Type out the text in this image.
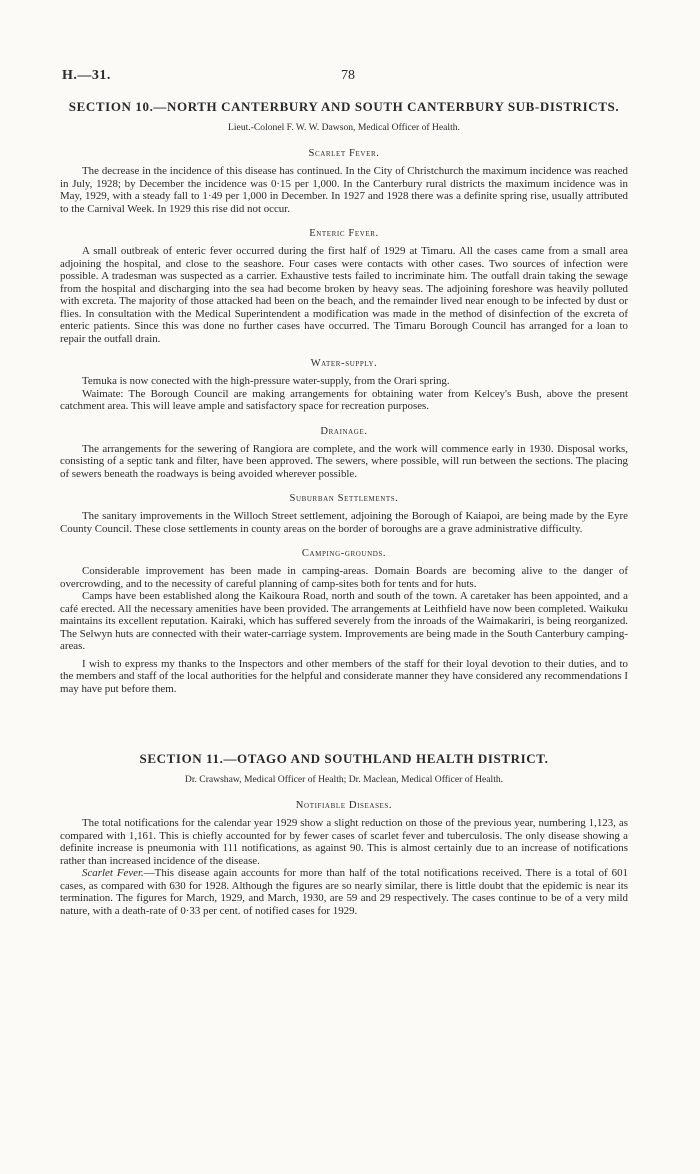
H.—31.	78
SECTION 10.—NORTH CANTERBURY AND SOUTH CANTERBURY SUB-DISTRICTS.
Lieut.-Colonel F. W. W. Dawson, Medical Officer of Health.
Scarlet Fever.

The decrease in the incidence of this disease has continued. In the City of Christchurch the maximum incidence was reached in July, 1928; by December the incidence was 0·15 per 1,000. In the Canterbury rural districts the maximum incidence was in May, 1929, with a steady fall to 1·49 per 1,000 in December. In 1927 and 1928 there was a definite spring rise, usually attributed to the Carnival Week. In 1929 this rise did not occur.

Enteric Fever.

A small outbreak of enteric fever occurred during the first half of 1929 at Timaru. All the cases came from a small area adjoining the hospital, and close to the seashore. Four cases were contacts with other cases. Two sources of infection were possible. A tradesman was suspected as a carrier. Exhaustive tests failed to incriminate him. The outfall drain taking the sewage from the hospital and discharging into the sea had become broken by heavy seas. The adjoining foreshore was heavily polluted with excreta. The majority of those attacked had been on the beach, and the remainder lived near enough to be infected by dust or flies. In consultation with the Medical Superintendent a modification was made in the method of disinfection of the excreta of enteric patients. Since this was done no further cases have occurred. The Timaru Borough Council has arranged for a loan to repair the outfall drain.

Water-supply.

Temuka is now conected with the high-pressure water-supply, from the Orari spring.

Waimate: The Borough Council are making arrangements for obtaining water from Kelcey's Bush, above the present catchment area. This will leave ample and satisfactory space for recreation purposes.

Drainage.

The arrangements for the sewering of Rangiora are complete, and the work will commence early in 1930. Disposal works, consisting of a septic tank and filter, have been approved. The sewers, where possible, will run between the sections. The placing of sewers beneath the roadways is being avoided wherever possible.

Suburban Settlements.

The sanitary improvements in the Willoch Street settlement, adjoining the Borough of Kaiapoi, are being made by the Eyre County Council. These close settlements in county areas on the border of boroughs are a grave administrative difficulty.

Camping-grounds.

Considerable improvement has been made in camping-areas. Domain Boards are becoming alive to the danger of overcrowding, and to the necessity of careful planning of camp-sites both for tents and for huts.

Camps have been established along the Kaikoura Road, north and south of the town. A caretaker has been appointed, and a café erected. All the necessary amenities have been provided. The arrangements at Leithfield have now been completed. Waikuku maintains its excellent reputation. Kairaki, which has suffered severely from the inroads of the Waimakariri, is being reorganized. The Selwyn huts are connected with their water-carriage system. Improvements are being made in the South Canterbury camping-areas.

I wish to express my thanks to the Inspectors and other members of the staff for their loyal devotion to their duties, and to the members and staff of the local authorities for the helpful and considerate manner they have considered any recommendations I may have put before them.

SECTION 11.—OTAGO AND SOUTHLAND HEALTH DISTRICT.
Dr. Crawshaw, Medical Officer of Health; Dr. Maclean, Medical Officer of Health.
Notifiable Diseases.

The total notifications for the calendar year 1929 show a slight reduction on those of the previous year, numbering 1,123, as compared with 1,161. This is chiefly accounted for by fewer cases of scarlet fever and tuberculosis. The only disease showing a definite increase is pneumonia with 111 notifications, as against 90. This is almost certainly due to an increase of notifications rather than increased incidence of the disease.

Scarlet Fever.—This disease again accounts for more than half of the total notifications received. There is a total of 601 cases, as compared with 630 for 1928. Although the figures are so nearly similar, there is little doubt that the epidemic is near its termination. The figures for March, 1929, and March, 1930, are 59 and 29 respectively. The cases continue to be of a very mild nature, with a death-rate of 0·33 per cent. of notified cases for 1929.
